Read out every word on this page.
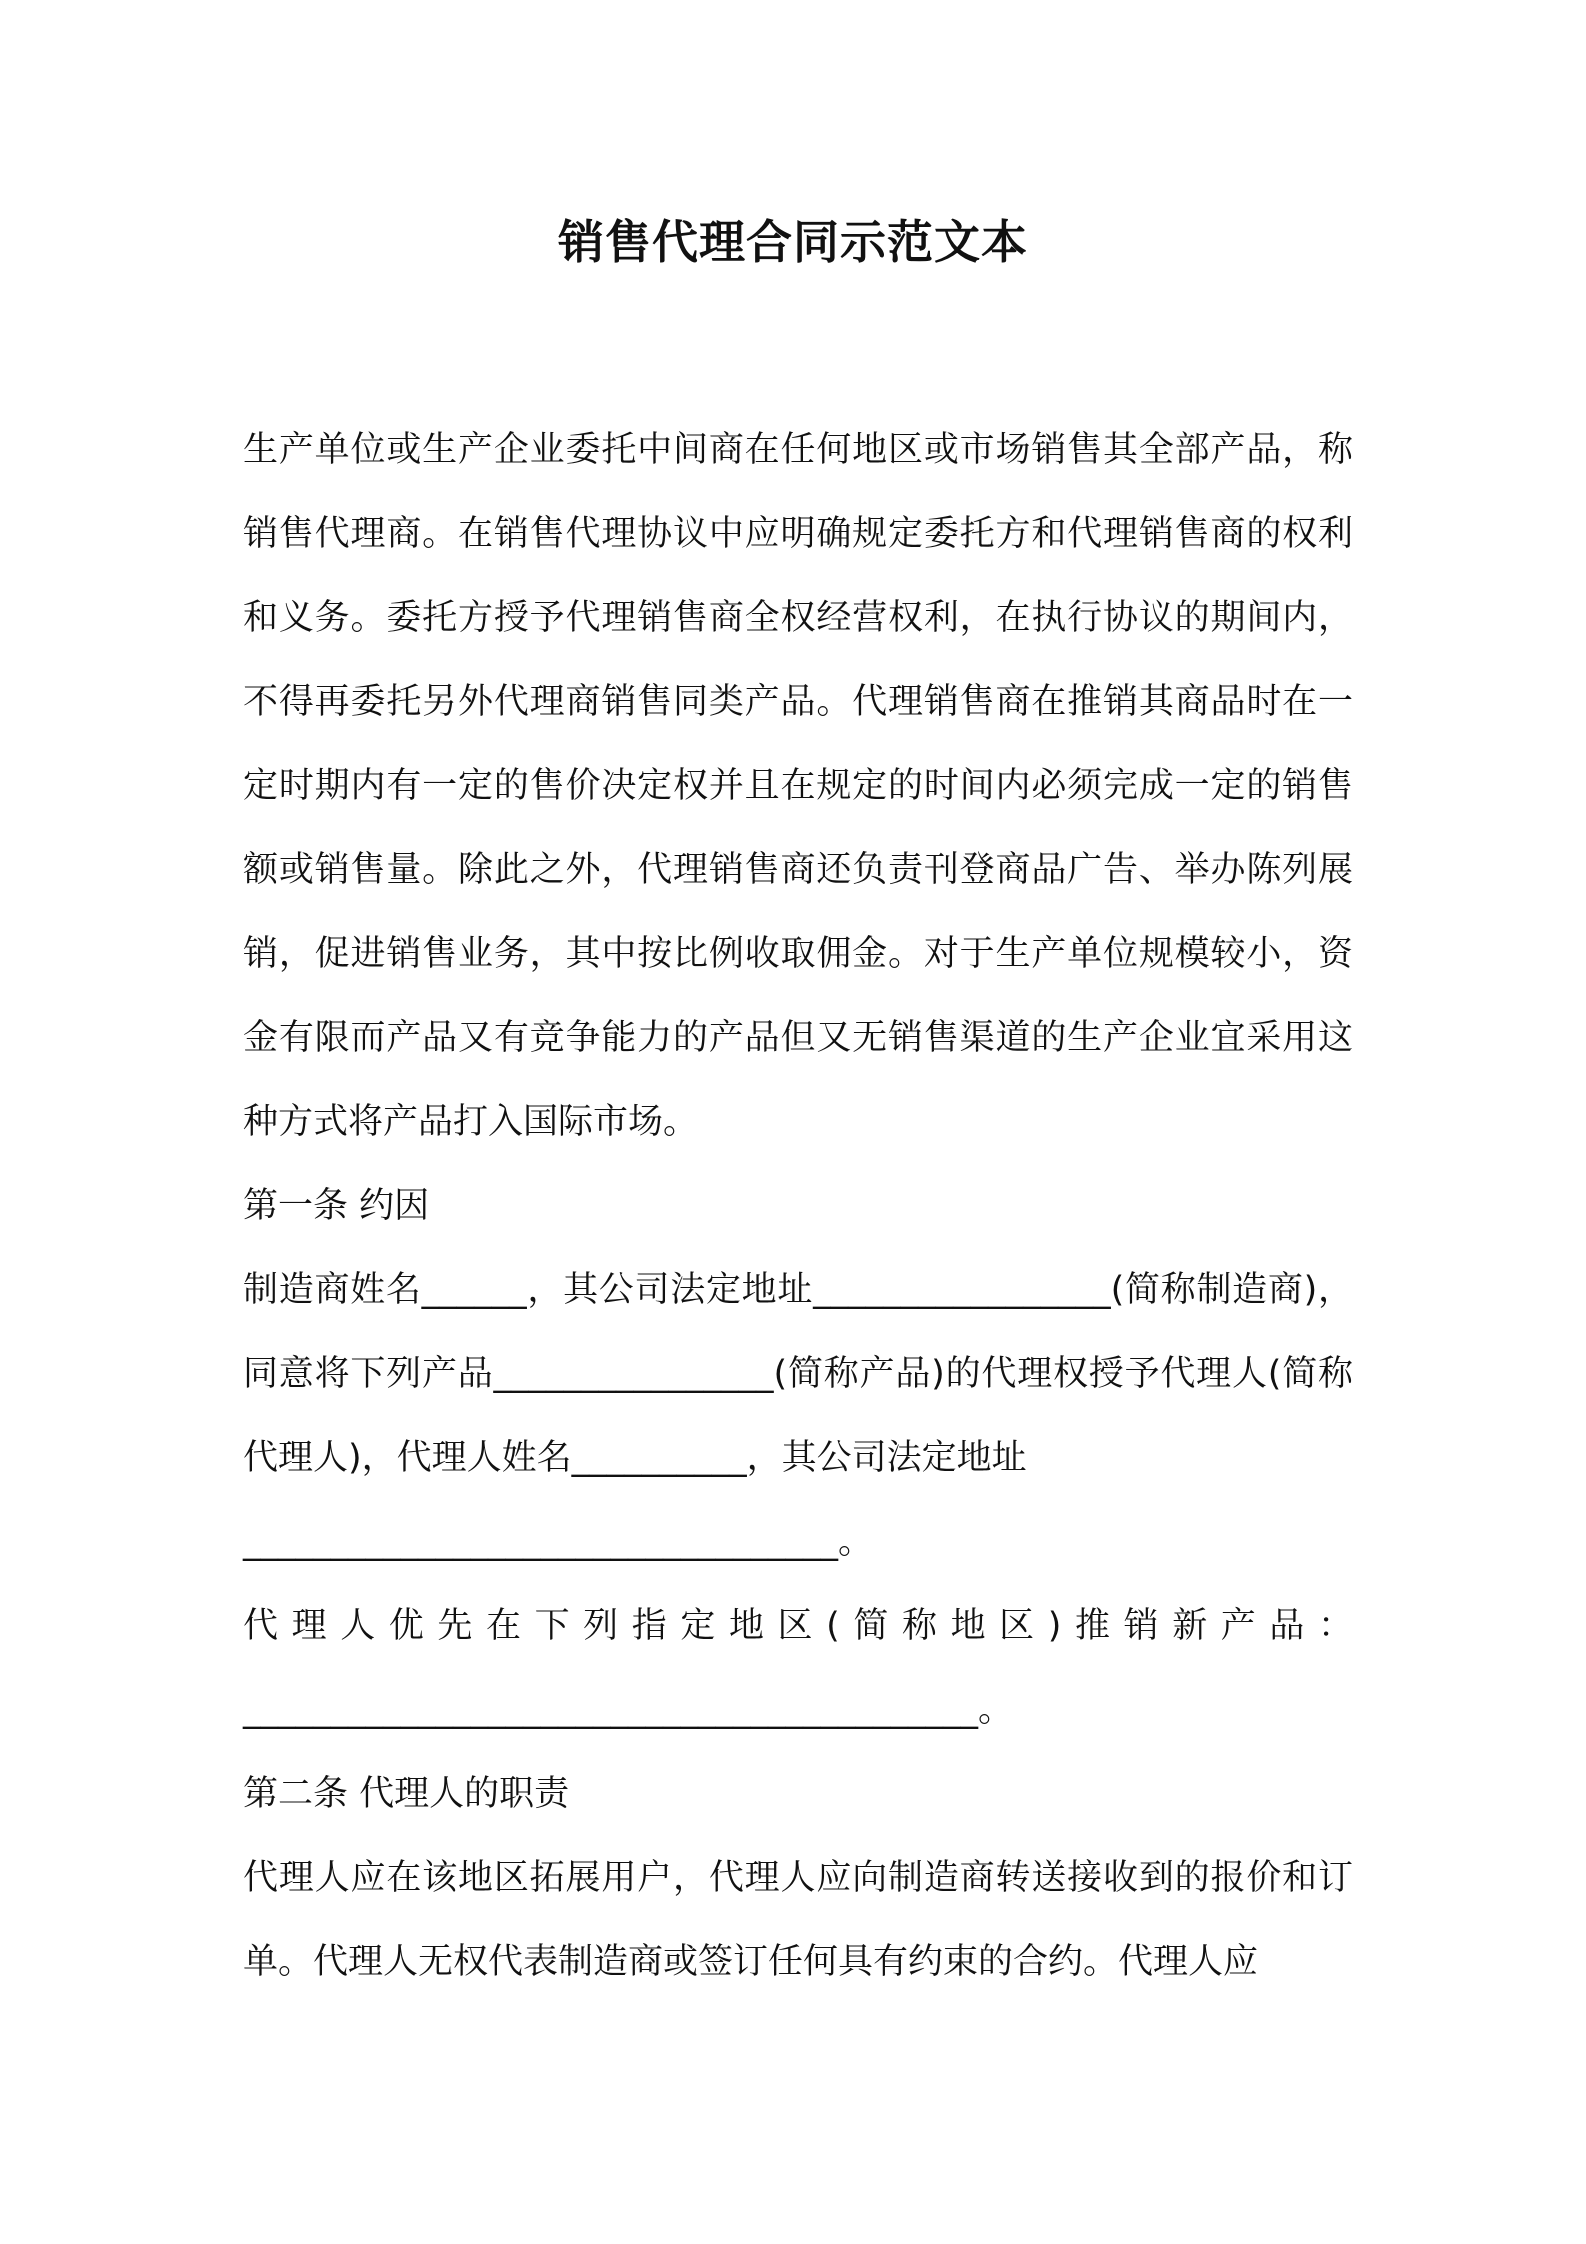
销售代理合同示范文本

生产单位或生产企业委托中间商在任何地区或市场销售其全部产品，称销售代理商。在销售代理协议中应明确规定委托方和代理销售商的权利和义务。委托方授予代理销售商全权经营权利，在执行协议的期间内，不得再委托另外代理商销售同类产品。代理销售商在推销其商品时在一定时期内有一定的售价决定权并且在规定的时间内必须完成一定的销售额或销售量。除此之外，代理销售商还负责刊登商品广告、举办陈列展销，促进销售业务，其中按比例收取佣金。对于生产单位规模较小，资金有限而产品又有竞争能力的产品但又无销售渠道的生产企业宜采用这种方式将产品打入国际市场。

第一条 约因

制造商姓名______，其公司法定地址_________________(简称制造商)，同意将下列产品________________(简称产品)的代理权授予代理人(简称代理人)，代理人姓名__________，其公司法定地址

__________________________________。

代理人优先在下列指定地区(简称地区)推销新产品：

__________________________________________。

第二条 代理人的职责

代理人应在该地区拓展用户，代理人应向制造商转送接收到的报价和订单。代理人无权代表制造商或签订任何具有约束的合约。代理人应
